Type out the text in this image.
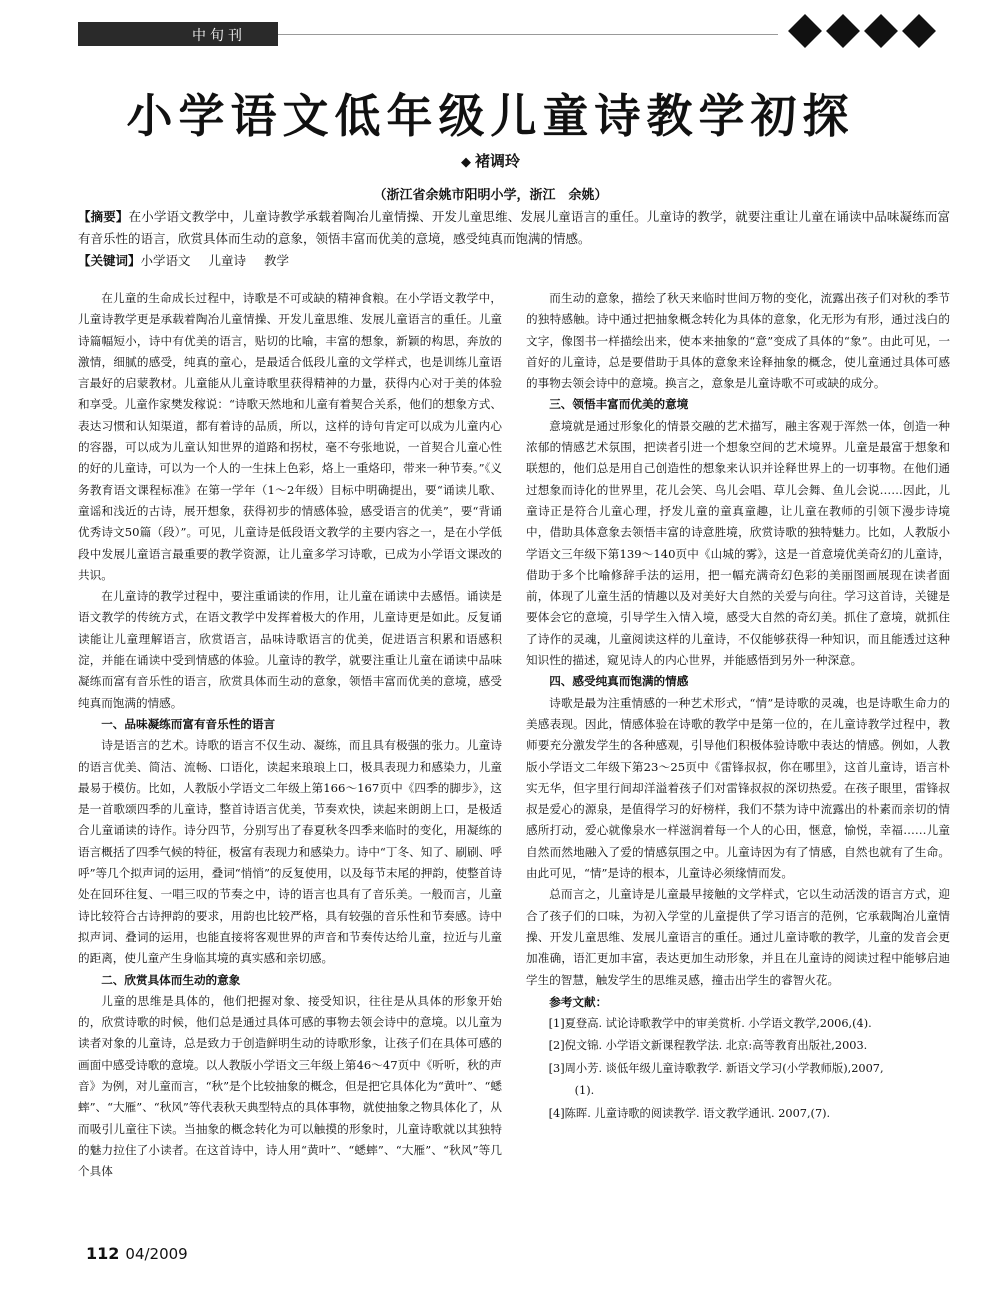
中旬刊
小学语文低年级儿童诗教学初探
◆ 褚调玲
（浙江省余姚市阳明小学，浙江　余姚）
【摘要】在小学语文教学中，儿童诗教学承载着陶冶儿童情操、开发儿童思维、发展儿童语言的重任。儿童诗的教学，就要注重让儿童在诵读中品味凝练而富有音乐性的语言，欣赏具体而生动的意象，领悟丰富而优美的意境，感受纯真而饱满的情感。
【关键词】小学语文 儿童诗 教学

在儿童的生命成长过程中，诗歌是不可或缺的精神食粮。在小学语文教学中，儿童诗教学更是承载着陶冶儿童情操、开发儿童思维、发展儿童语言的重任。儿童诗篇幅短小，诗中有优美的语言，贴切的比喻，丰富的想象，新颖的构思，奔放的激情，细腻的感受，纯真的童心，是最适合低段儿童的文学样式，也是训练儿童语言最好的启蒙教材。儿童能从儿童诗歌里获得精神的力量，获得内心对于美的体验和享受。儿童作家樊发稼说：“诗歌天然地和儿童有着契合关系，他们的想象方式、表达习惯和认知渠道，都有着诗的品质，所以，这样的诗句肯定可以成为儿童内心的容器，可以成为儿童认知世界的道路和拐杖，毫不夸张地说，一首契合儿童心性的好的儿童诗，可以为一个人的一生抹上色彩，烙上一重烙印，带来一种节奏。”《义务教育语文课程标准》在第一学年（1～2年级）目标中明确提出，要“诵读儿歌、童谣和浅近的古诗，展开想象，获得初步的情感体验，感受语言的优美”，要“背诵优秀诗文50篇（段）”。可见，儿童诗是低段语文教学的主要内容之一，是在小学低段中发展儿童语言最重要的教学资源，让儿童多学习诗歌，已成为小学语文课改的共识。

在儿童诗的教学过程中，要注重诵读的作用，让儿童在诵读中去感悟。诵读是语文教学的传统方式，在语文教学中发挥着极大的作用，儿童诗更是如此。反复诵读能让儿童理解语言，欣赏语言，品味诗歌语言的优美，促进语言积累和语感积淀，并能在诵读中受到情感的体验。儿童诗的教学，就要注重让儿童在诵读中品味凝练而富有音乐性的语言，欣赏具体而生动的意象，领悟丰富而优美的意境，感受纯真而饱满的情感。

一、品味凝练而富有音乐性的语言

诗是语言的艺术。诗歌的语言不仅生动、凝练，而且具有极强的张力。儿童诗的语言优美、简洁、流畅、口语化，读起来琅琅上口，极具表现力和感染力，儿童最易于模仿。比如，人教版小学语文二年级上第166～167页中《四季的脚步》，这是一首歌颂四季的儿童诗，整首诗语言优美，节奏欢快，读起来朗朗上口，是极适合儿童诵读的诗作。诗分四节，分别写出了春夏秋冬四季来临时的变化，用凝练的语言概括了四季气候的特征，极富有表现力和感染力。诗中“丁冬、知了、刷刷、呼呼”等几个拟声词的运用，叠词“悄悄”的反复使用，以及每节末尾的押韵，使整首诗处在回环往复、一唱三叹的节奏之中，诗的语言也具有了音乐美。一般而言，儿童诗比较符合古诗押韵的要求，用韵也比较严格，具有较强的音乐性和节奏感。诗中拟声词、叠词的运用，也能直接将客观世界的声音和节奏传达给儿童，拉近与儿童的距离，使儿童产生身临其境的真实感和亲切感。

二、欣赏具体而生动的意象

儿童的思维是具体的，他们把握对象、接受知识，往往是从具体的形象开始的，欣赏诗歌的时候，他们总是通过具体可感的事物去领会诗中的意境。以儿童为读者对象的儿童诗，总是致力于创造鲜明生动的诗歌形象，让孩子们在具体可感的画面中感受诗歌的意境。以人教版小学语文三年级上第46～47页中《听听，秋的声音》为例，对儿童而言，“秋”是个比较抽象的概念，但是把它具体化为“黄叶”、“蟋蟀”、“大雁”、“秋风”等代表秋天典型特点的具体事物，就使抽象之物具体化了，从而吸引儿童往下读。当抽象的概念转化为可以触摸的形象时，儿童诗歌就以其独特的魅力拉住了小读者。在这首诗中，诗人用“黄叶”、“蟋蟀”、“大雁”、“秋风”等几个具体

而生动的意象，描绘了秋天来临时世间万物的变化，流露出孩子们对秋的季节的独特感触。诗中通过把抽象概念转化为具体的意象，化无形为有形，通过浅白的文字，像图书一样描绘出来，使本来抽象的“意”变成了具体的“象”。由此可见，一首好的儿童诗，总是要借助于具体的意象来诠释抽象的概念，使儿童通过具体可感的事物去领会诗中的意境。换言之，意象是儿童诗歌不可或缺的成分。

三、领悟丰富而优美的意境

意境就是通过形象化的情景交融的艺术描写，融主客观于浑然一体，创造一种浓郁的情感艺术氛围，把读者引进一个想象空间的艺术境界。儿童是最富于想象和联想的，他们总是用自己创造性的想象来认识并诠释世界上的一切事物。在他们通过想象而诗化的世界里，花儿会笑、鸟儿会唱、草儿会舞、鱼儿会说……因此，儿童诗正是符合儿童心理，抒发儿童的童真童趣，让儿童在教师的引领下漫步诗境中，借助具体意象去领悟丰富的诗意胜境，欣赏诗歌的独特魅力。比如，人教版小学语文三年级下第139～140页中《山城的雾》，这是一首意境优美奇幻的儿童诗，借助于多个比喻修辞手法的运用，把一幅充满奇幻色彩的美丽图画展现在读者面前，体现了儿童生活的情趣以及对美好大自然的关爱与向往。学习这首诗，关键是要体会它的意境，引导学生入情入境，感受大自然的奇幻美。抓住了意境，就抓住了诗作的灵魂，儿童阅读这样的儿童诗，不仅能够获得一种知识，而且能透过这种知识性的描述，窥见诗人的内心世界，并能感悟到另外一种深意。

四、感受纯真而饱满的情感

诗歌是最为注重情感的一种艺术形式，“情”是诗歌的灵魂，也是诗歌生命力的美感表现。因此，情感体验在诗歌的教学中是第一位的，在儿童诗教学过程中，教师要充分激发学生的各种感观，引导他们积极体验诗歌中表达的情感。例如，人教版小学语文二年级下第23～25页中《雷锋叔叔，你在哪里》，这首儿童诗，语言朴实无华，但字里行间却洋溢着孩子们对雷锋叔叔的深切热爱。在孩子眼里，雷锋叔叔是爱心的源泉，是值得学习的好榜样，我们不禁为诗中流露出的朴素而亲切的情感所打动，爱心就像泉水一样滋润着每一个人的心田，惬意，愉悦，幸福……儿童自然而然地融入了爱的情感氛围之中。儿童诗因为有了情感，自然也就有了生命。由此可见，“情”是诗的根本，儿童诗必须缘情而发。

总而言之，儿童诗是儿童最早接触的文学样式，它以生动活泼的语言方式，迎合了孩子们的口味，为初入学堂的儿童提供了学习语言的范例，它承载陶冶儿童情操、开发儿童思维、发展儿童语言的重任。通过儿童诗歌的教学，儿童的发音会更加准确，语汇更加丰富，表达更加生动形象，并且在儿童诗的阅读过程中能够启迪学生的智慧，触发学生的思维灵感，撞击出学生的睿智火花。

参考文献：

[1]夏登高. 试论诗歌教学中的审美赏析. 小学语文教学,2006,(4).

[2]倪文锦. 小学语文新课程教学法. 北京:高等教育出版社,2003.

[3]周小芳. 谈低年级儿童诗歌教学. 新语文学习(小学教师版),2007,

(1).

[4]陈晖. 儿童诗歌的阅读教学. 语文教学通讯. 2007,(7).

112 04/2009
